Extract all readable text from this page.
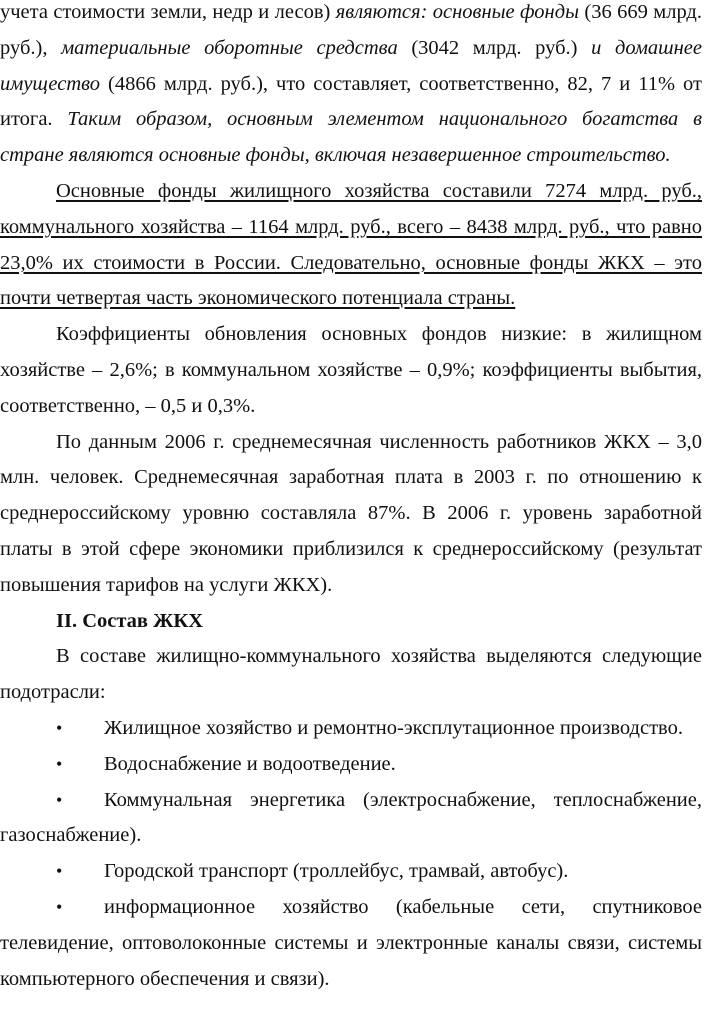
учета стоимости земли, недр и лесов) являются: основные фонды (36 669 млрд. руб.), материальные оборотные средства (3042 млрд. руб.) и домашнее имущество (4866 млрд. руб.), что составляет, соответственно, 82, 7 и 11% от итога. Таким образом, основным элементом национального богатства в стране являются основные фонды, включая незавершенное строительство.

Основные фонды жилищного хозяйства составили 7274 млрд. руб., коммунального хозяйства – 1164 млрд. руб., всего – 8438 млрд. руб., что равно 23,0% их стоимости в России. Следовательно, основные фонды ЖКХ – это почти четвертая часть экономического потенциала страны.

Коэффициенты обновления основных фондов низкие: в жилищном хозяйстве – 2,6%; в коммунальном хозяйстве – 0,9%; коэффициенты выбытия, соответственно, – 0,5 и 0,3%.

По данным 2006 г. среднемесячная численность работников ЖКХ – 3,0 млн. человек. Среднемесячная заработная плата в 2003 г. по отношению к среднероссийскому уровню составляла 87%. В 2006 г. уровень заработной платы в этой сфере экономики приблизился к среднероссийскому (результат повышения тарифов на услуги ЖКХ).

II. Состав ЖКХ

В составе жилищно-коммунального хозяйства выделяются следующие подотрасли:

• Жилищное хозяйство и ремонтно-эксплутационное производство.

• Водоснабжение и водоотведение.

• Коммунальная энергетика (электроснабжение, теплоснабжение, газоснабжение).

• Городской транспорт (троллейбус, трамвай, автобус).

• информационное хозяйство (кабельные сети, спутниковое телевидение, оптоволоконные системы и электронные каналы связи, системы компьютерного обеспечения и связи).
